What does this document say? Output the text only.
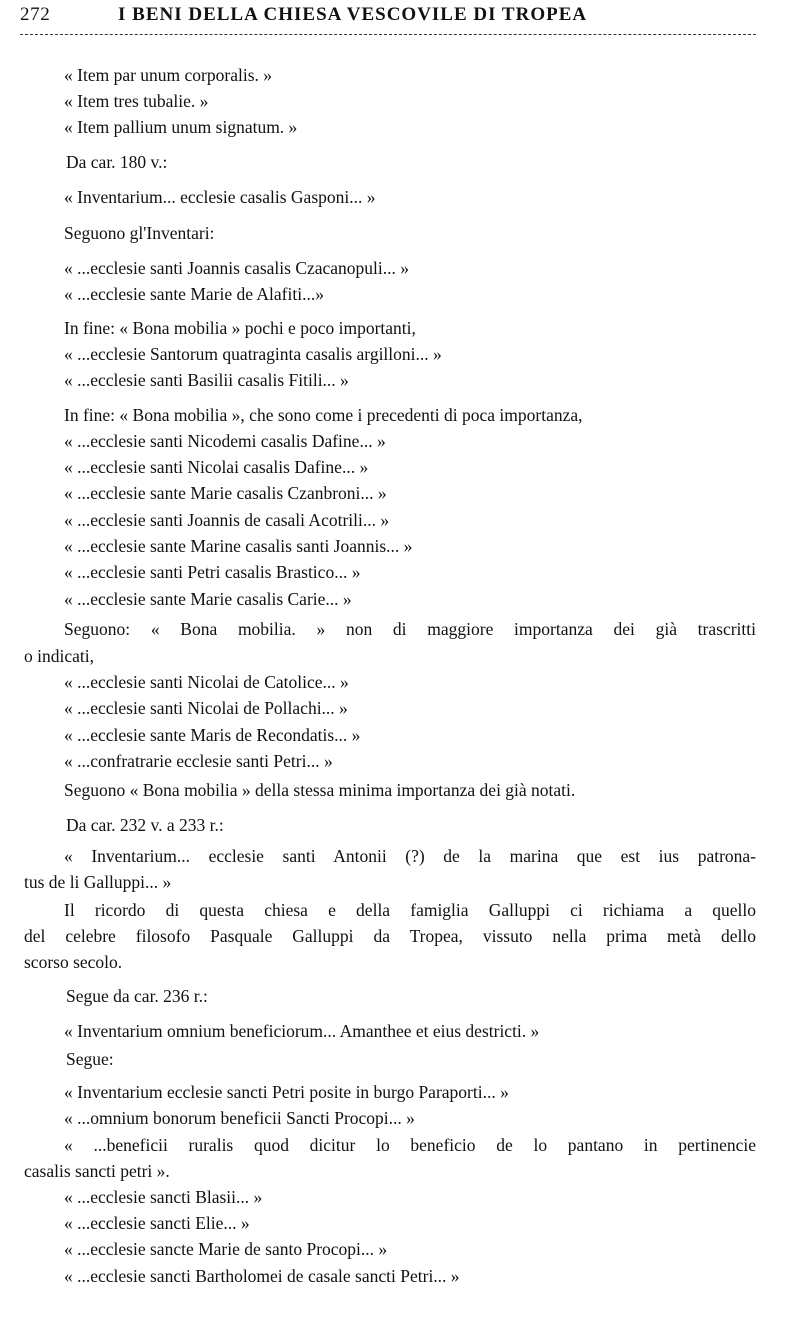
272	I BENI DELLA CHIESA VESCOVILE DI TROPEA
« Item par unum corporalis. »
« Item tres tubalie. »
« Item pallium unum signatum. »
Da car. 180 v.:
« Inventarium... ecclesie casalis Gasponi... »
Seguono gl'Inventari:
« ...ecclesie santi Joannis casalis Czacanopuli... »
« ...ecclesie sante Marie de Alafiti...»
In fine: « Bona mobilia » pochi e poco importanti,
« ...ecclesie Santorum quatraginta casalis argilloni... »
« ...ecclesie santi Basilii casalis Fitili... »
In fine: « Bona mobilia », che sono come i precedenti di poca importanza,
« ...ecclesie santi Nicodemi casalis Dafine... »
« ...ecclesie santi Nicolai casalis Dafine... »
« ...ecclesie sante Marie casalis Czanbroni... »
« ...ecclesie santi Joannis de casali Acotrili... »
« ...ecclesie sante Marine casalis santi Joannis... »
« ...ecclesie santi Petri casalis Brastico... »
« ...ecclesie sante Marie casalis Carie... »
Seguono: « Bona mobilia. » non di maggiore importanza dei già trascritti
o indicati,
« ...ecclesie santi Nicolai de Catolice... »
« ...ecclesie santi Nicolai de Pollachi... »
« ...ecclesie sante Maris de Recondatis... »
« ...confratrarie ecclesie santi Petri... »
Seguono « Bona mobilia » della stessa minima importanza dei già notati.
Da car. 232 v. a 233 r.:
« Inventarium... ecclesie santi Antonii (?) de la marina que est ius patrona-
tus de li Galluppi... »
Il ricordo di questa chiesa e della famiglia Galluppi ci richiama a quello
del celebre filosofo Pasquale Galluppi da Tropea, vissuto nella prima metà dello
scorso secolo.
Segue da car. 236 r.:
« Inventarium omnium beneficiorum... Amanthee et eius destricti. »
Segue:
« Inventarium ecclesie sancti Petri posite in burgo Paraporti... »
« ...omnium bonorum beneficii Sancti Procopi... »
« ...beneficii ruralis quod dicitur lo beneficio de lo pantano in pertinencie
casalis sancti petri ».
« ...ecclesie sancti Blasii... »
« ...ecclesie sancti Elie... »
« ...ecclesie sancte Marie de santo Procopi... »
« ...ecclesie sancti Bartholomei de casale sancti Petri... »
